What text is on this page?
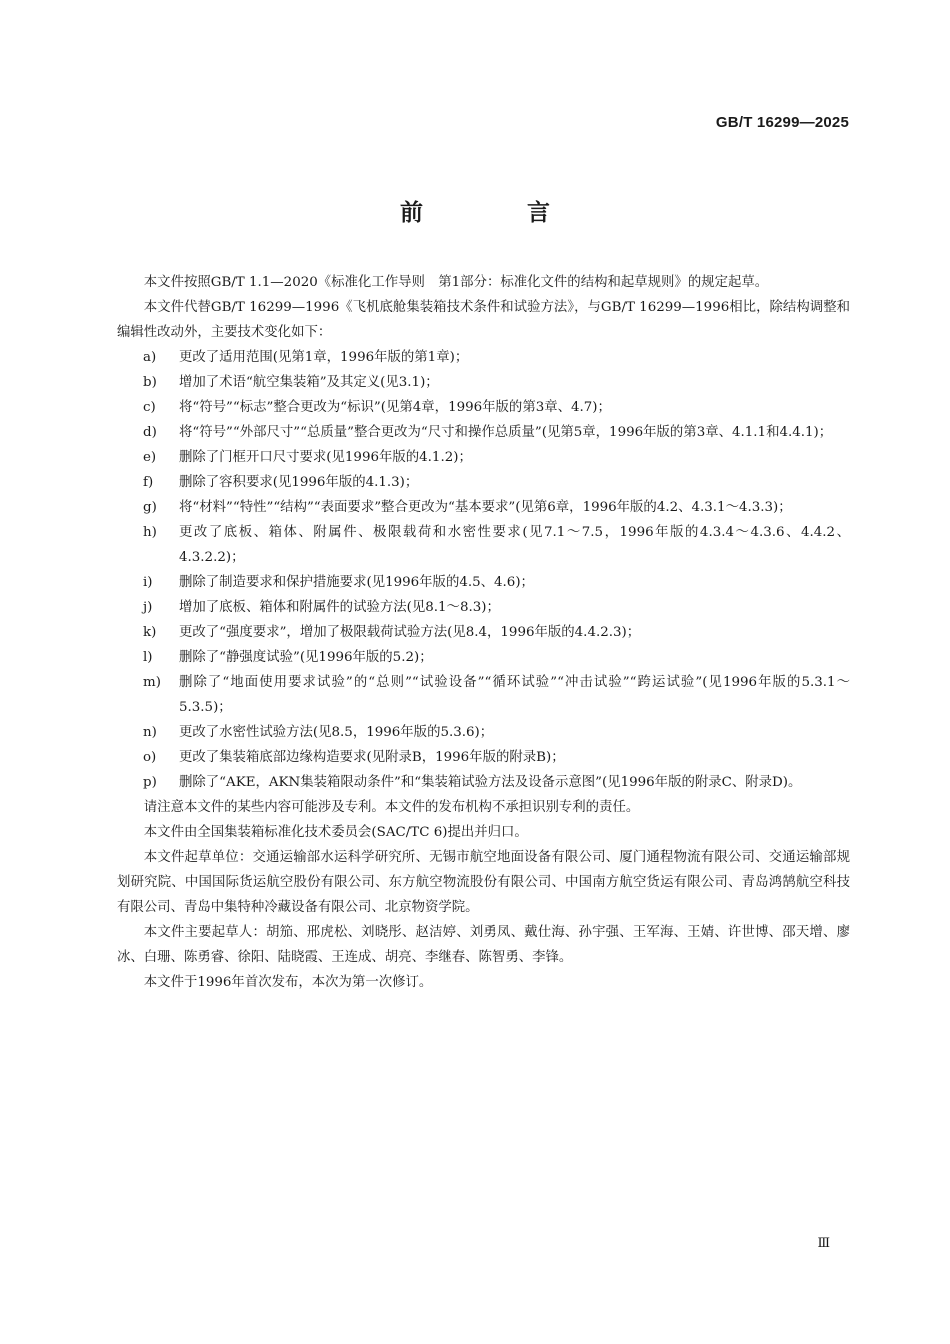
GB/T 16299—2025
前 言

本文件按照GB/T 1.1—2020《标准化工作导则　第1部分：标准化文件的结构和起草规则》的规定起草。

本文件代替GB/T 16299—1996《飞机底舱集装箱技术条件和试验方法》，与GB/T 16299—1996相比，除结构调整和编辑性改动外，主要技术变化如下：

a)	更改了适用范围(见第1章，1996年版的第1章)；
b)	增加了术语“航空集装箱”及其定义(见3.1)；
c)	将“符号”“标志”整合更改为“标识”(见第4章，1996年版的第3章、4.7)；
d)	将“符号”“外部尺寸”“总质量”整合更改为“尺寸和操作总质量”(见第5章，1996年版的第3章、4.1.1和4.4.1)；
e)	删除了门框开口尺寸要求(见1996年版的4.1.2)；
f)	删除了容积要求(见1996年版的4.1.3)；
g)	将“材料”“特性”“结构”“表面要求”整合更改为“基本要求”(见第6章，1996年版的4.2、4.3.1～4.3.3)；
h)	更改了底板、箱体、附属件、极限载荷和水密性要求(见7.1～7.5，1996年版的4.3.4～4.3.6、4.4.2、4.3.2.2)；
i)	删除了制造要求和保护措施要求(见1996年版的4.5、4.6)；
j)	增加了底板、箱体和附属件的试验方法(见8.1～8.3)；
k)	更改了“强度要求”，增加了极限载荷试验方法(见8.4，1996年版的4.4.2.3)；
l)	删除了“静强度试验”(见1996年版的5.2)；
m)	删除了“地面使用要求试验”的“总则”“试验设备”“循环试验”“冲击试验”“跨运试验”(见1996年版的5.3.1～5.3.5)；
n)	更改了水密性试验方法(见8.5，1996年版的5.3.6)；
o)	更改了集装箱底部边缘构造要求(见附录B，1996年版的附录B)；
p)	删除了“AKE，AKN集装箱限动条件”和“集装箱试验方法及设备示意图”(见1996年版的附录C、附录D)。

请注意本文件的某些内容可能涉及专利。本文件的发布机构不承担识别专利的责任。

本文件由全国集装箱标准化技术委员会(SAC/TC 6)提出并归口。

本文件起草单位：交通运输部水运科学研究所、无锡市航空地面设备有限公司、厦门通程物流有限公司、交通运输部规划研究院、中国国际货运航空股份有限公司、东方航空物流股份有限公司、中国南方航空货运有限公司、青岛鸿鹄航空科技有限公司、青岛中集特种冷藏设备有限公司、北京物资学院。

本文件主要起草人：胡笳、邢虎松、刘晓彤、赵洁婷、刘勇凤、戴仕海、孙宇强、王军海、王婧、许世博、邵天增、廖冰、白珊、陈勇睿、徐阳、陆晓霞、王连成、胡亮、李继春、陈智勇、李锋。

本文件于1996年首次发布，本次为第一次修订。

Ⅲ
